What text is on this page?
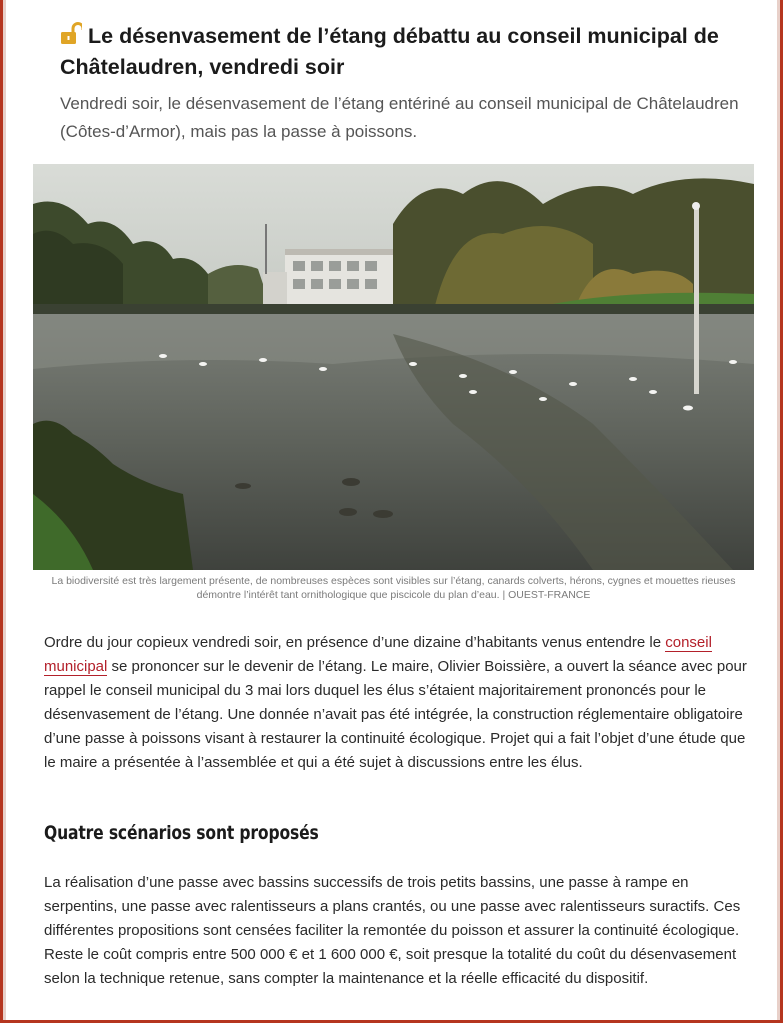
Le désenvasement de l’étang débattu au conseil municipal de Châtelaudren, vendredi soir

Vendredi soir, le désenvasement de l’étang entériné au conseil municipal de Châtelaudren (Côtes-d’Armor), mais pas la passe à poissons.

La biodiversité est très largement présente, de nombreuses espèces sont visibles sur l’étang, canards colverts, hérons, cygnes et mouettes rieuses démontre l’intérêt tant ornithologique que piscicole du plan d’eau. | OUEST-FRANCE

Ordre du jour copieux vendredi soir, en présence d’une dizaine d’habitants venus entendre le conseil municipal se prononcer sur le devenir de l’étang. Le maire, Olivier Boissière, a ouvert la séance avec pour rappel le conseil municipal du 3 mai lors duquel les élus s’étaient majoritairement prononcés pour le désenvasement de l’étang. Une donnée n’avait pas été intégrée, la construction réglementaire obligatoire d’une passe à poissons visant à restaurer la continuité écologique. Projet qui a fait l’objet d’une étude que le maire a présentée à l’assemblée et qui a été sujet à discussions entre les élus.

Quatre scénarios sont proposés

La réalisation d’une passe avec bassins successifs de trois petits bassins, une passe à rampe en serpentins, une passe avec ralentisseurs a plans crantés, ou une passe avec ralentisseurs suractifs. Ces différentes propositions sont censées faciliter la remontée du poisson et assurer la continuité écologique. Reste le coût compris entre 500 000 € et 1 600 000 €, soit presque la totalité du coût du désenvasement selon la technique retenue, sans compter la maintenance et la réelle efficacité du dispositif.
